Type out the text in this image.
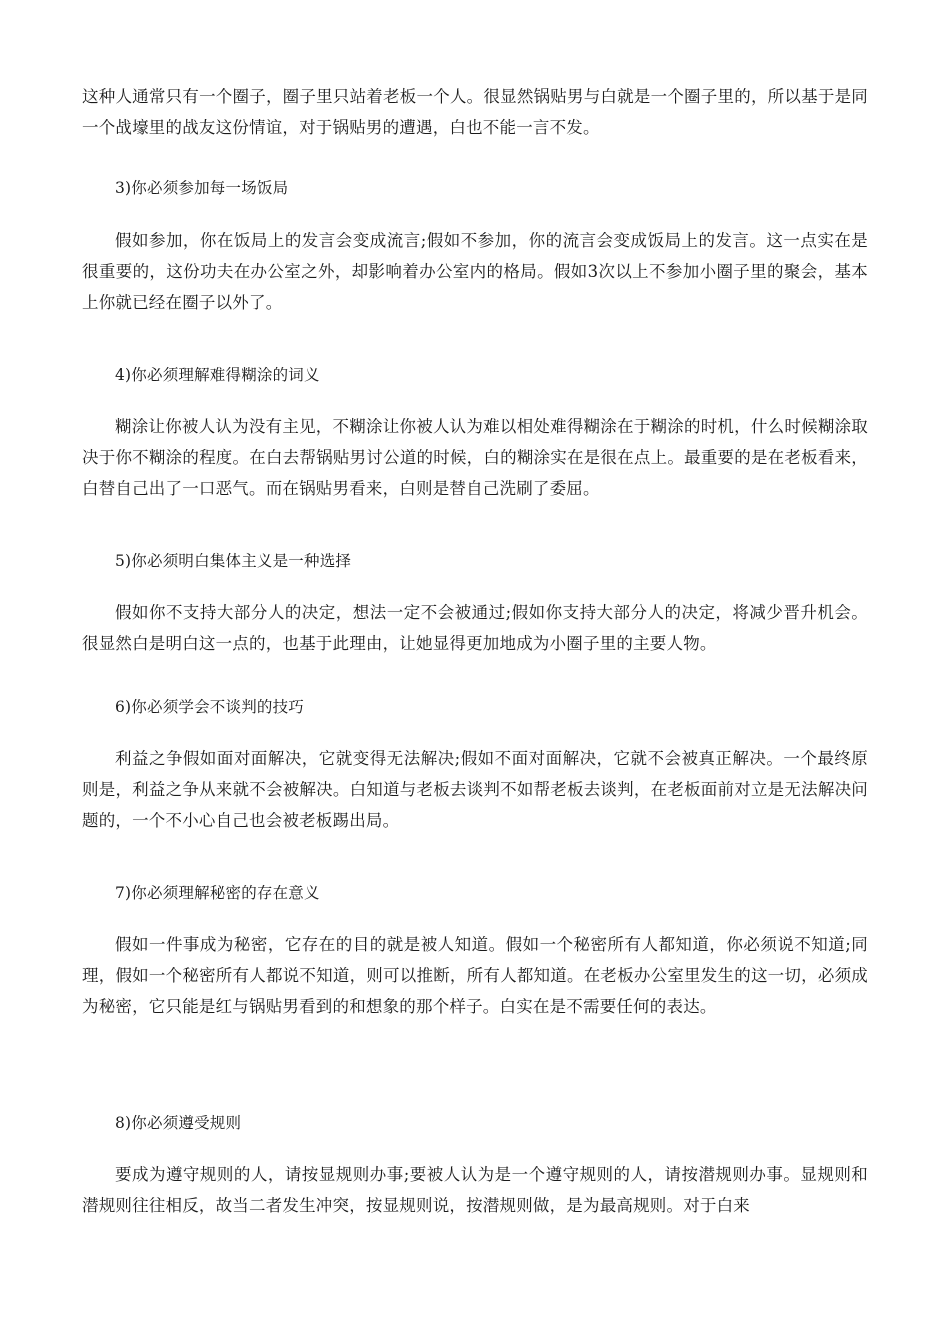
这种人通常只有一个圈子，圈子里只站着老板一个人。很显然锅贴男与白就是一个圈子里的，所以基于是同一个战壕里的战友这份情谊，对于锅贴男的遭遇，白也不能一言不发。

3)你必须参加每一场饭局

假如参加，你在饭局上的发言会变成流言;假如不参加，你的流言会变成饭局上的发言。这一点实在是很重要的，这份功夫在办公室之外，却影响着办公室内的格局。假如3次以上不参加小圈子里的聚会，基本上你就已经在圈子以外了。

4)你必须理解难得糊涂的词义

糊涂让你被人认为没有主见，不糊涂让你被人认为难以相处难得糊涂在于糊涂的时机，什么时候糊涂取决于你不糊涂的程度。在白去帮锅贴男讨公道的时候，白的糊涂实在是很在点上。最重要的是在老板看来，白替自己出了一口恶气。而在锅贴男看来，白则是替自己洗刷了委屈。

5)你必须明白集体主义是一种选择

假如你不支持大部分人的决定，想法一定不会被通过;假如你支持大部分人的决定，将减少晋升机会。很显然白是明白这一点的，也基于此理由，让她显得更加地成为小圈子里的主要人物。

6)你必须学会不谈判的技巧

利益之争假如面对面解决，它就变得无法解决;假如不面对面解决，它就不会被真正解决。一个最终原则是，利益之争从来就不会被解决。白知道与老板去谈判不如帮老板去谈判，在老板面前对立是无法解决问题的，一个不小心自己也会被老板踢出局。

7)你必须理解秘密的存在意义

假如一件事成为秘密，它存在的目的就是被人知道。假如一个秘密所有人都知道，你必须说不知道;同理，假如一个秘密所有人都说不知道，则可以推断，所有人都知道。在老板办公室里发生的这一切，必须成为秘密，它只能是红与锅贴男看到的和想象的那个样子。白实在是不需要任何的表达。

8)你必须遵受规则

要成为遵守规则的人，请按显规则办事;要被人认为是一个遵守规则的人，请按潜规则办事。显规则和潜规则往往相反，故当二者发生冲突，按显规则说，按潜规则做，是为最高规则。对于白来
